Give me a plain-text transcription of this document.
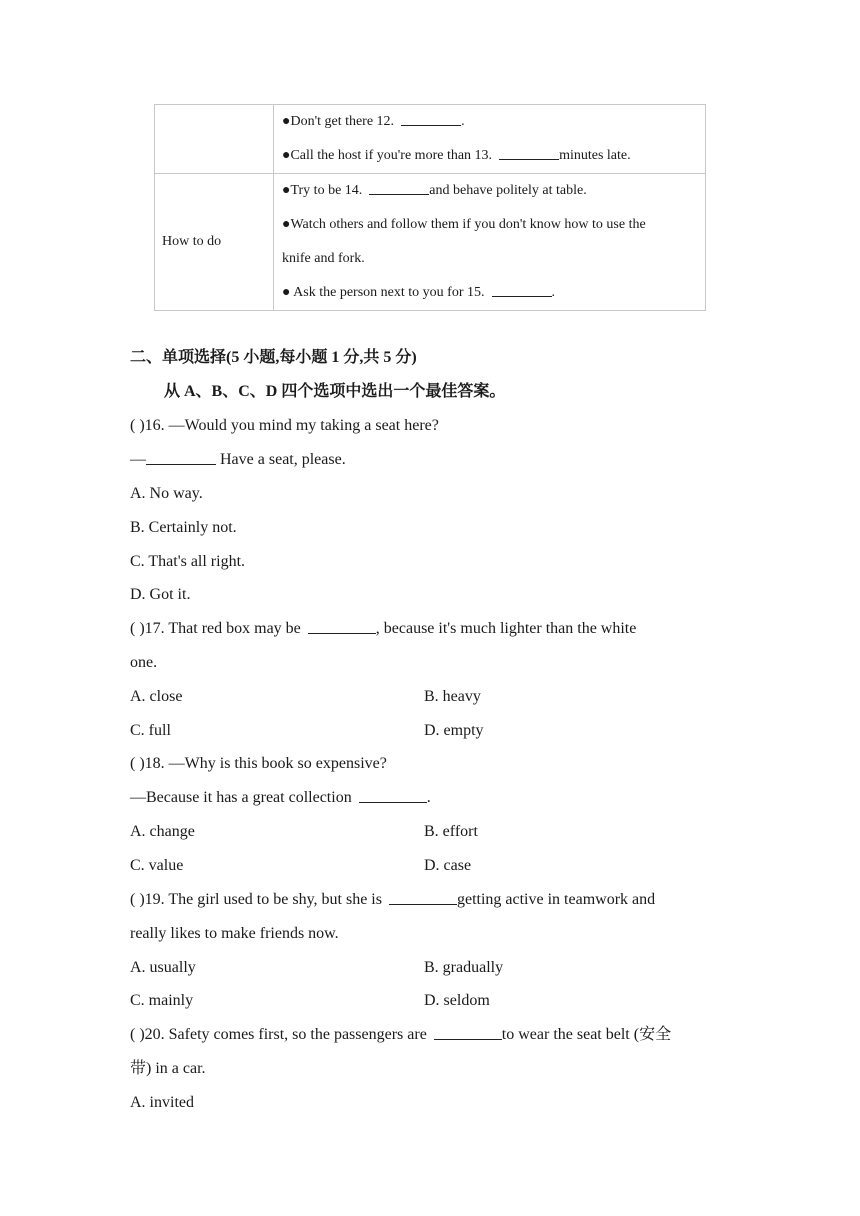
	●Don't get there 12. .
●Call the host if you're more than 13. minutes late.

How to do	●Try to be 14. and behave politely at table.
●Watch others and follow them if you don't know how to use the
knife and fork.
● Ask the person next to you for 15. .
二、单项选择(5 小题,每小题 1 分,共 5 分)
从 A、B、C、D 四个选项中选出一个最佳答案。
( )16. —Would you mind my taking a seat here?
—	Have a seat, please.
A. No way.
B. Certainly not.
C. That's all right.
D. Got it.
( )17. That red box may be	, because it's much lighter than the white
one.
A. close	B. heavy
C. full	D. empty
( )18. —Why is this book so expensive?
—Because it has a great collection	.
A. change	B. effort
C. value	D. case
( )19. The girl used to be shy, but she is	getting active in teamwork and
really likes to make friends now.
A. usually	B. gradually
C. mainly	D. seldom
( )20. Safety comes first, so the passengers are	to wear the seat belt (安全
带) in a car.
A. invited
